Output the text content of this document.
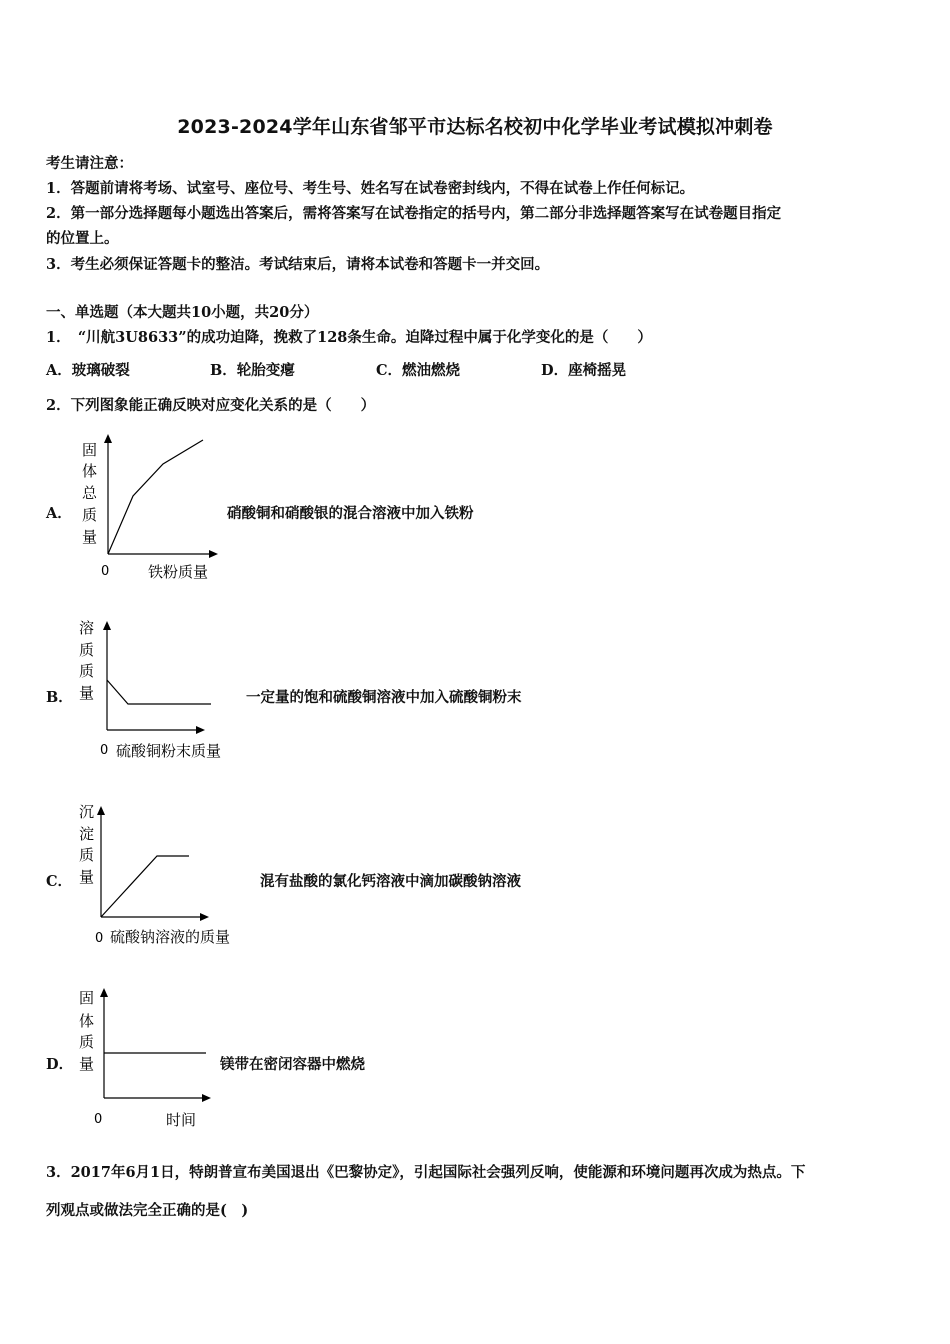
2023-2024学年山东省邹平市达标名校初中化学毕业考试模拟冲刺卷
考生请注意：
1．答题前请将考场、试室号、座位号、考生号、姓名写在试卷密封线内，不得在试卷上作任何标记。
2．第一部分选择题每小题选出答案后，需将答案写在试卷指定的括号内，第二部分非选择题答案写在试卷题目指定
的位置上。
3．考生必须保证答题卡的整洁。考试结束后，请将本试卷和答题卡一并交回。
一、单选题（本大题共10小题，共20分）
1．　“川航3U8633”的成功迫降，挽救了128条生命。迫降过程中属于化学变化的是（　　）
A．玻璃破裂	B．轮胎变瘪	C．燃油燃烧	D．座椅摇晃
2．下列图象能正确反映对应变化关系的是（　　）
A．
固
体
总
质
量
0	铁粉质量
硝酸铜和硝酸银的混合溶液中加入铁粉
B．
溶
质
质
量
0 硫酸铜粉末质量
一定量的饱和硫酸铜溶液中加入硫酸铜粉末
C．
沉
淀
质
量
0 硫酸钠溶液的质量
混有盐酸的氯化钙溶液中滴加碳酸钠溶液
D．
固
体
质
量
0	时间
镁带在密闭容器中燃烧
3．2017年6月1日，特朗普宣布美国退出《巴黎协定》，引起国际社会强列反响，使能源和环境问题再次成为热点。下
列观点或做法完全正确的是(　)
